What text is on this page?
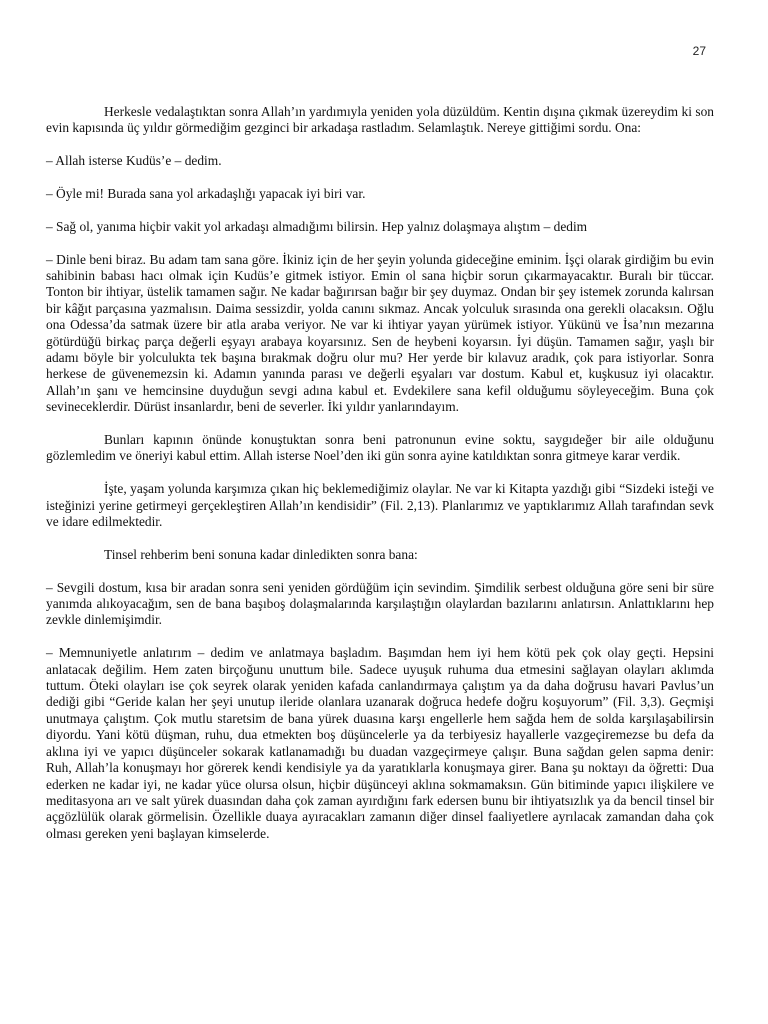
27

Herkesle vedalaştıktan sonra Allah’ın yardımıyla yeniden yola düzüldüm. Kentin dışına çıkmak üzereydim ki son evin kapısında üç yıldır görmediğim gezginci bir arkadaşa rastladım. Selamlaştık. Nereye gittiğimi sordu. Ona:

– Allah isterse Kudüs’e – dedim.

– Öyle mi! Burada sana yol arkadaşlığı yapacak iyi biri var.

– Sağ ol, yanıma hiçbir vakit yol arkadaşı almadığımı bilirsin. Hep yalnız dolaşmaya alıştım – dedim

– Dinle beni biraz. Bu adam tam sana göre. İkiniz için de her şeyin yolunda gideceğine eminim. İşçi olarak girdiğim bu evin sahibinin babası hacı olmak için Kudüs’e gitmek istiyor. Emin ol sana hiçbir sorun çıkarmayacaktır. Buralı bir tüccar. Tonton bir ihtiyar, üstelik tamamen sağır. Ne kadar bağırırsan bağır bir şey duymaz. Ondan bir şey istemek zorunda kalırsan bir kâğıt parçasına yazmalısın. Daima sessizdir, yolda canını sıkmaz. Ancak yolculuk sırasında ona gerekli olacaksın. Oğlu ona Odessa’da satmak üzere bir atla araba veriyor. Ne var ki ihtiyar yayan yürümek istiyor. Yükünü ve İsa’nın mezarına götürdüğü birkaç parça değerli eşyayı arabaya koyarsınız. Sen de heybeni koyarsın. İyi düşün. Tamamen sağır, yaşlı bir adamı böyle bir yolculukta tek başına bırakmak doğru olur mu? Her yerde bir kılavuz aradık, çok para istiyorlar. Sonra herkese de güvenemezsin ki. Adamın yanında parası ve değerli eşyaları var dostum. Kabul et, kuşkusuz iyi olacaktır. Allah’ın şanı ve hemcinsine duyduğun sevgi adına kabul et. Evdekilere sana kefil olduğumu söyleyeceğim. Buna çok sevineceklerdir. Dürüst insanlardır, beni de severler. İki yıldır yanlarındayım.

Bunları kapının önünde konuştuktan sonra beni patronunun evine soktu, saygıdeğer bir aile olduğunu gözlemledim ve öneriyi kabul ettim. Allah isterse Noel’den iki gün sonra ayine katıldıktan sonra gitmeye karar verdik.

İşte, yaşam yolunda karşımıza çıkan hiç beklemediğimiz olaylar. Ne var ki Kitapta yazdığı gibi “Sizdeki isteği ve isteğinizi yerine getirmeyi gerçekleştiren Allah’ın kendisidir” (Fil. 2,13). Planlarımız ve yaptıklarımız Allah tarafından sevk ve idare edilmektedir.

Tinsel rehberim beni sonuna kadar dinledikten sonra bana:

– Sevgili dostum, kısa bir aradan sonra seni yeniden gördüğüm için sevindim. Şimdilik serbest olduğuna göre seni bir süre yanımda alıkoyacağım, sen de bana başıboş dolaşmalarında karşılaştığın olaylardan bazılarını anlatırsın. Anlattıklarını hep zevkle dinlemişimdir.

– Memnuniyetle anlatırım – dedim ve anlatmaya başladım. Başımdan hem iyi hem kötü pek çok olay geçti. Hepsini anlatacak değilim. Hem zaten birçoğunu unuttum bile. Sadece uyuşuk ruhuma dua etmesini sağlayan olayları aklımda tuttum. Öteki olayları ise çok seyrek olarak yeniden kafada canlandırmaya çalıştım ya da daha doğrusu havari Pavlus’un dediği gibi “Geride kalan her şeyi unutup ileride olanlara uzanarak doğruca hedefe doğru koşuyorum” (Fil. 3,3). Geçmişi unutmaya çalıştım. Çok mutlu staretsim de bana yürek duasına karşı engellerle hem sağda hem de solda karşılaşabilirsin diyordu. Yani kötü düşman, ruhu, dua etmekten boş düşüncelerle ya da terbiyesiz hayallerle vazgeçiremezse bu defa da aklına iyi ve yapıcı düşünceler sokarak katlanamadığı bu duadan vazgeçirmeye çalışır. Buna sağdan gelen sapma denir: Ruh, Allah’la konuşmayı hor görerek kendi kendisiyle ya da yaratıklarla konuşmaya girer. Bana şu noktayı da öğretti: Dua ederken ne kadar iyi, ne kadar yüce olursa olsun, hiçbir düşünceyi aklına sokmamaksın. Gün bitiminde yapıcı ilişkilere ve meditasyona arı ve salt yürek duasından daha çok zaman ayırdığını fark edersen bunu bir ihtiyatsızlık ya da bencil tinsel bir açgözlülük olarak görmelisin. Özellikle duaya ayıracakları zamanın diğer dinsel faaliyetlere ayrılacak zamandan daha çok olması gereken yeni başlayan kimselerde.
